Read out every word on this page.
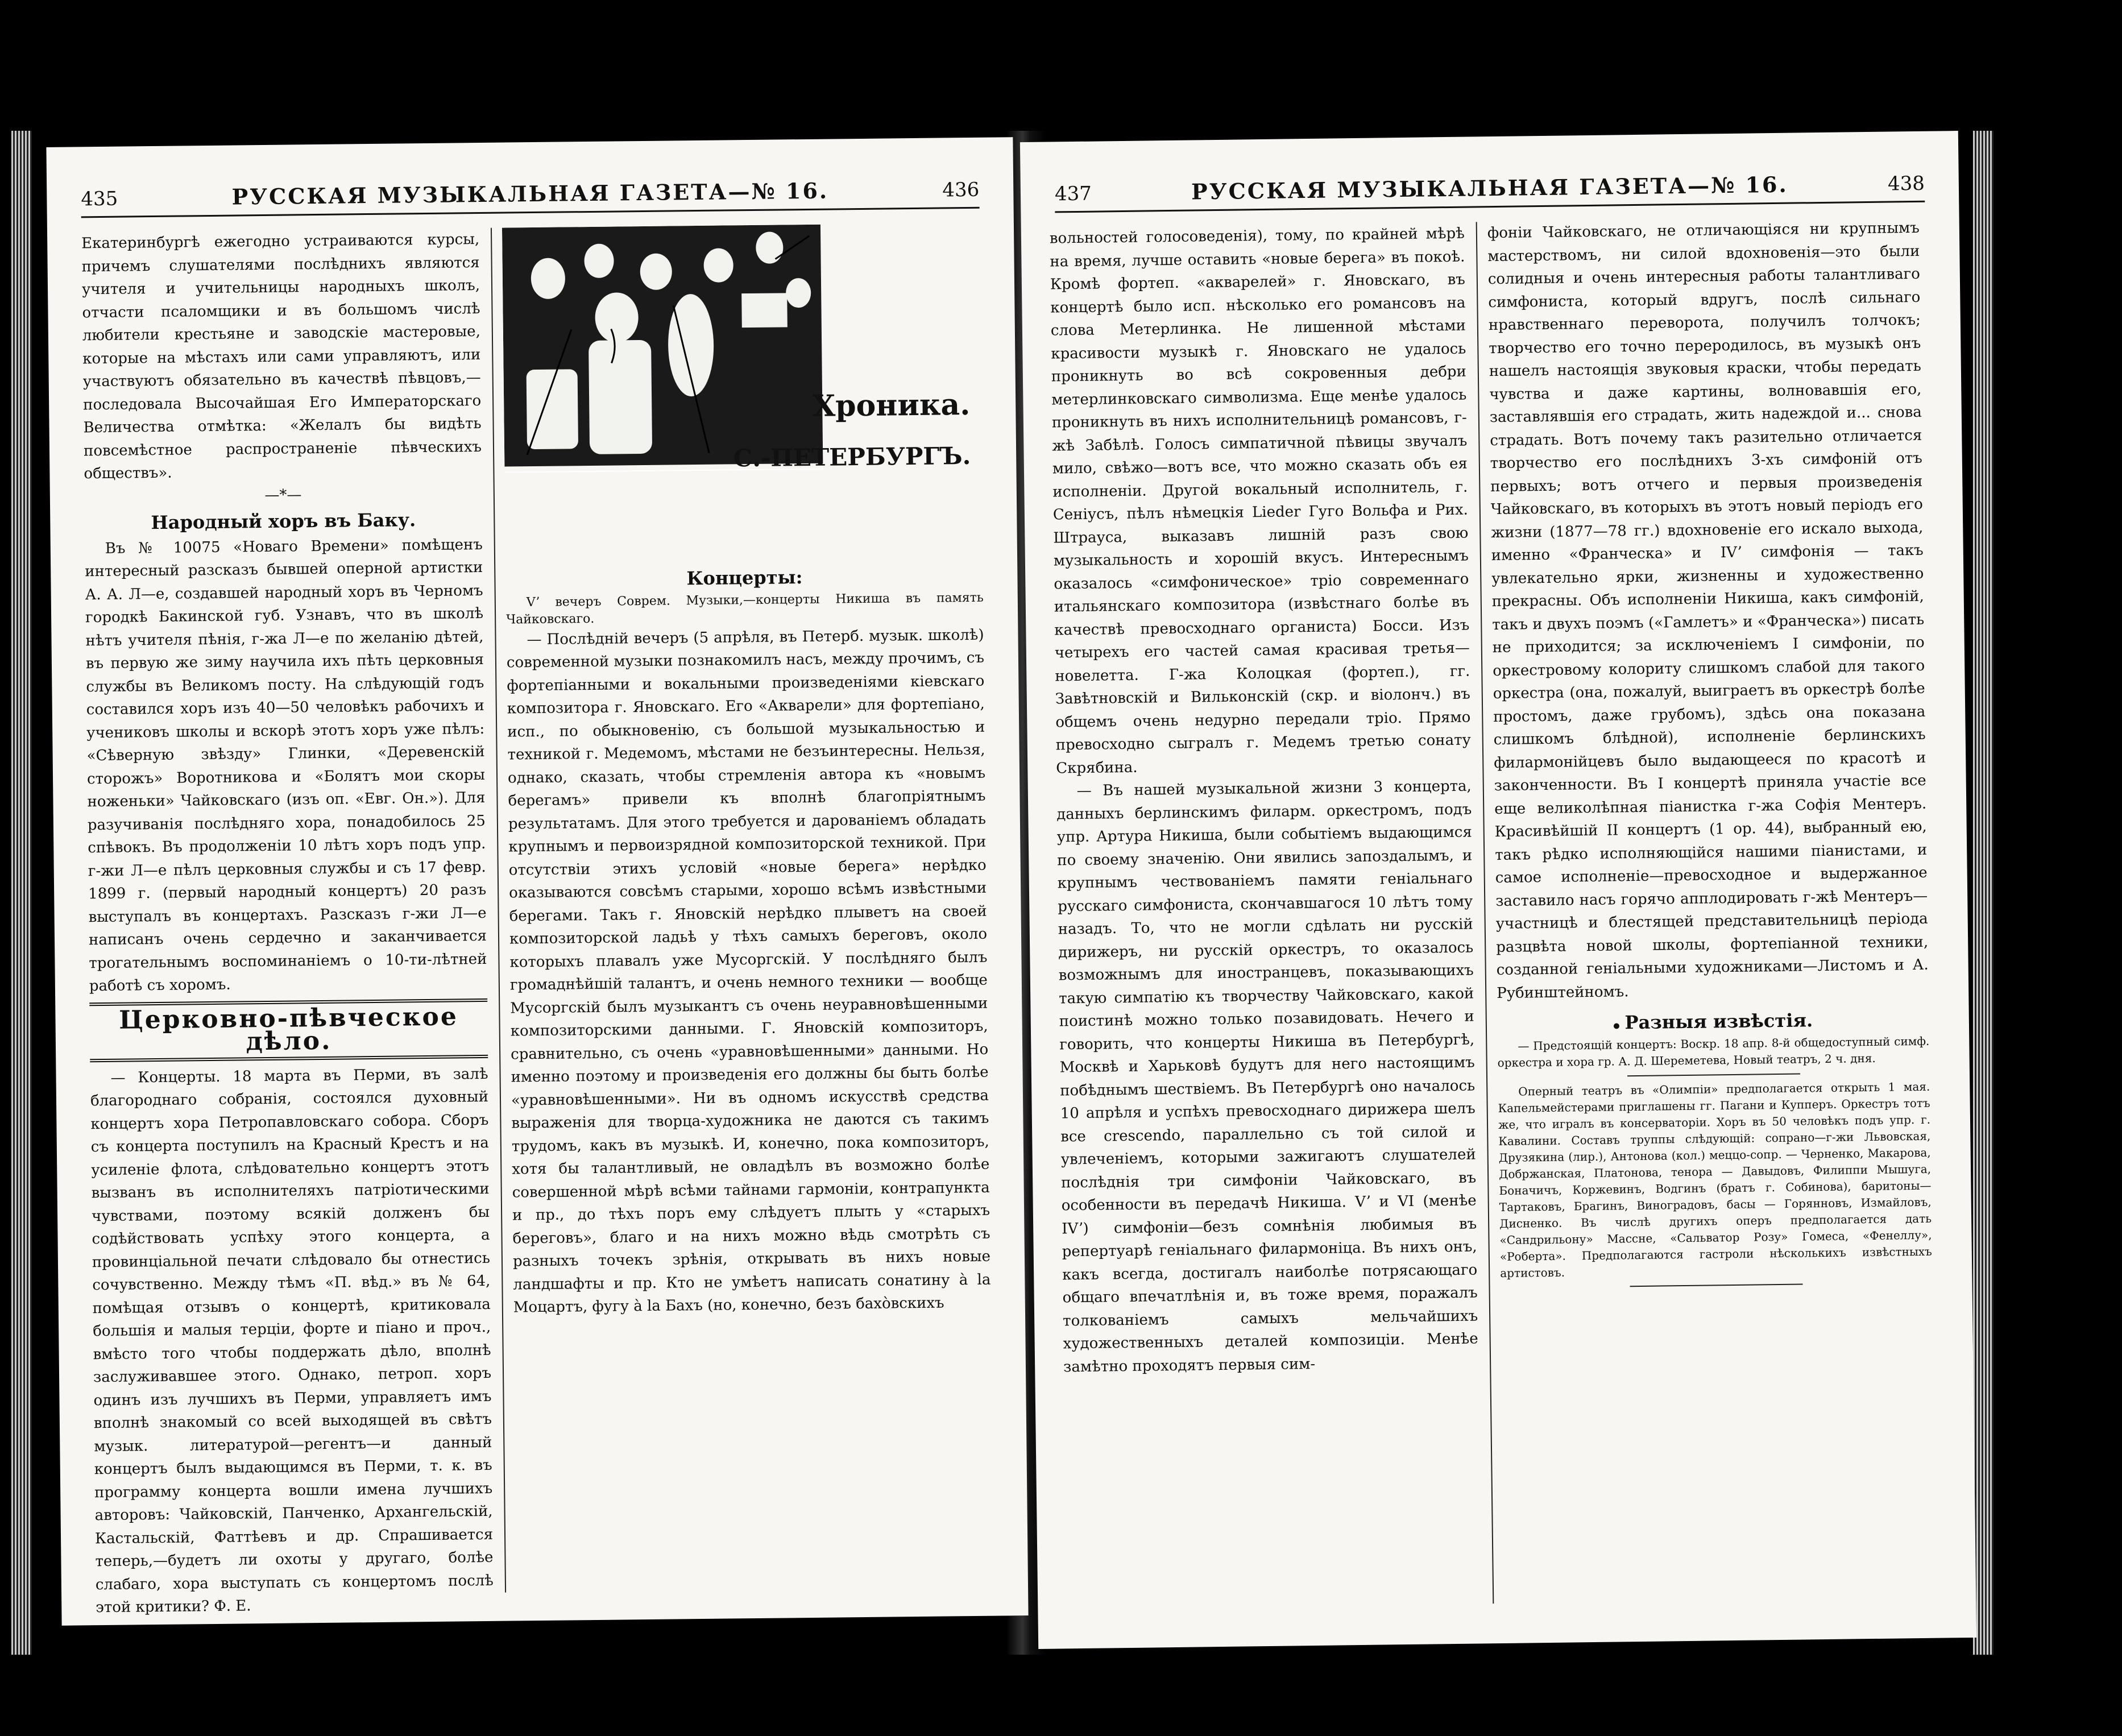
435	РУССКАЯ МУЗЫКАЛЬНАЯ ГАЗЕТА—№ 16.	436

Екатеринбургѣ ежегодно устраиваются курсы, причемъ слушателями послѣднихъ являются учителя и учительницы народныхъ школъ, отчасти псаломщики и въ большомъ числѣ любители крестьяне и заводскіе мастеровые, которые на мѣстахъ или сами управляютъ, или участвуютъ обязательно въ качествѣ пѣвцовъ,—последовала Высочайшая Его Императорскаго Величества отмѣтка: «Желалъ бы видѣть повсемѣстное распространеніе пѣвческихъ обществъ».

—*—
Народный хоръ въ Баку.

Въ № 10075 «Новаго Времени» помѣщенъ интересный разсказъ бывшей оперной артистки А. А. Л—е, создавшей народный хоръ въ Черномъ городкѣ Бакинской губ. Узнавъ, что въ школѣ нѣтъ учителя пѣнія, г-жа Л—е по желанію дѣтей, въ первую же зиму научила ихъ пѣть церковныя службы въ Великомъ посту. На слѣдующій годъ составился хоръ изъ 40—50 человѣкъ рабочихъ и учениковъ школы и вскорѣ этотъ хоръ уже пѣлъ: «Сѣверную звѣзду» Глинки, «Деревенскій сторожъ» Воротникова и «Болятъ мои скоры ноженьки» Чайковскаго (изъ оп. «Евг. Он.»). Для разучиванія послѣдняго хора, понадобилось 25 спѣвокъ. Въ продолженіи 10 лѣтъ хоръ подъ упр. г-жи Л—е пѣлъ церковныя службы и съ 17 февр. 1899 г. (первый народный концертъ) 20 разъ выступалъ въ концертахъ. Разсказъ г-жи Л—е написанъ очень сердечно и заканчивается трогательнымъ воспоминаніемъ о 10-ти-лѣтней работѣ съ хоромъ.

Церковно-пѣвческое дѣло.

— Концерты. 18 марта въ Перми, въ залѣ благороднаго собранія, состоялся духовный концертъ хора Петропавловскаго собора. Сборъ съ концерта поступилъ на Красный Крестъ и на усиленіе флота, слѣдовательно концертъ этотъ вызванъ въ исполнителяхъ патріотическими чувствами, поэтому всякій долженъ бы содѣйствовать успѣху этого концерта, а провинціальной печати слѣдовало бы отнестись сочувственно. Между тѣмъ «П. вѣд.» въ № 64, помѣщая отзывъ о концертѣ, критиковала большія и малыя терціи, форте и піано и проч., вмѣсто того чтобы поддержать дѣло, вполнѣ заслуживавшее этого. Однако, петроп. хоръ одинъ изъ лучшихъ въ Перми, управляетъ имъ вполнѣ знакомый со всей выходящей въ свѣтъ музык. литературой—регентъ—и данный концертъ былъ выдающимся въ Перми, т. к. въ программу концерта вошли имена лучшихъ авторовъ: Чайковскій, Панченко, Архангельскій, Кастальскій, Фаттѣевъ и др. Спрашивается теперь,—будетъ ли охоты у другаго, болѣе слабаго, хора выступать съ концертомъ послѣ этой критики? Ф. Е.

Хроника.
С.-ПЕТЕРБУРГЪ.
Концерты:

Vʼ вечеръ Соврем. Музыки,—концерты Никиша въ память Чайковскаго.

— Послѣдній вечеръ (5 апрѣля, въ Петерб. музык. школѣ) современной музыки познакомилъ насъ, между прочимъ, съ фортепіанными и вокальными произведеніями кіевскаго композитора г. Яновскаго. Его «Акварели» для фортепіано, исп., по обыкновенію, съ большой музыкальностью и техникой г. Медемомъ, мѣстами не безъинтересны. Нельзя, однако, сказать, чтобы стремленія автора къ «новымъ берегамъ» привели къ вполнѣ благопріятнымъ результатамъ. Для этого требуется и дарованіемъ обладать крупнымъ и первоизрядной композиторской техникой. При отсутствіи этихъ условій «новые берега» нерѣдко оказываются совсѣмъ старыми, хорошо всѣмъ извѣстными берегами. Такъ г. Яновскій нерѣдко плыветъ на своей композиторской ладьѣ у тѣхъ самыхъ береговъ, около которыхъ плавалъ уже Мусоргскій. У послѣдняго былъ громаднѣйшій талантъ, и очень немного техники — вообще Мусоргскій былъ музыкантъ съ очень неуравновѣшенными композиторскими данными. Г. Яновскій композиторъ, сравнительно, съ очень «уравновѣшенными» данными. Но именно поэтому и произведенія его должны бы быть болѣе «уравновѣшенными». Ни въ одномъ искусствѣ средства выраженія для творца-художника не даются съ такимъ трудомъ, какъ въ музыкѣ. И, конечно, пока композиторъ, хотя бы талантливый, не овладѣлъ въ возможно болѣе совершенной мѣрѣ всѣми тайнами гармоніи, контрапункта и пр., до тѣхъ поръ ему слѣдуетъ плыть у «старыхъ береговъ», благо и на нихъ можно вѣдь смотрѣть съ разныхъ точекъ зрѣнія, открывать въ нихъ новые ландшафты и пр. Кто не умѣетъ написать сонатину à la Моцартъ, фугу à la Бахъ (но, конечно, безъ бахо̀вскихъ

437	РУССКАЯ МУЗЫКАЛЬНАЯ ГАЗЕТА—№ 16.	438

вольностей голосоведенія), тому, по крайней мѣрѣ на время, лучше оставить «новые берега» въ покоѣ. Кромѣ фортеп. «акварелей» г. Яновскаго, въ концертѣ было исп. нѣсколько его романсовъ на слова Метерлинка. Не лишенной мѣстами красивости музыкѣ г. Яновскаго не удалось проникнуть во всѣ сокровенныя дебри метерлинковскаго символизма. Еще менѣе удалось проникнуть въ нихъ исполнительницѣ романсовъ, г-жѣ Забѣлѣ. Голосъ симпатичной пѣвицы звучалъ мило, свѣжо—вотъ все, что можно сказать объ ея исполненіи. Другой вокальный исполнитель, г. Сеніусъ, пѣлъ нѣмецкія Lieder Гуго Вольфа и Рих. Штрауса, выказавъ лишній разъ свою музыкальность и хорошій вкусъ. Интереснымъ оказалось «симфоническое» тріо современнаго итальянскаго композитора (извѣстнаго болѣе въ качествѣ превосходнаго органиста) Босси. Изъ четырехъ его частей самая красивая третья—новелетта. Г-жа Колоцкая (фортеп.), гг. Завѣтновскій и Вильконскій (скр. и віолонч.) въ общемъ очень недурно передали тріо. Прямо превосходно сыгралъ г. Медемъ третью сонату Скрябина.

— Въ нашей музыкальной жизни 3 концерта, данныхъ берлинскимъ филарм. оркестромъ, подъ упр. Артура Никиша, были событіемъ выдающимся по своему значенію. Они явились запоздалымъ, и крупнымъ чествованіемъ памяти геніальнаго русскаго симфониста, скончавшагося 10 лѣтъ тому назадъ. То, что не могли сдѣлать ни русскій дирижеръ, ни русскій оркестръ, то оказалось возможнымъ для иностранцевъ, показывающихъ такую симпатію къ творчеству Чайковскаго, какой поистинѣ можно только позавидовать. Нечего и говорить, что концерты Никиша въ Петербургѣ, Москвѣ и Харьковѣ будутъ для него настоящимъ побѣднымъ шествіемъ. Въ Петербургѣ оно началось 10 апрѣля и успѣхъ превосходнаго дирижера шелъ все crescendo, параллельно съ той силой и увлеченіемъ, которыми зажигаютъ слушателей послѣднія три симфоніи Чайковскаго, въ особенности въ передачѣ Никиша. Vʼ и VI (менѣе IVʼ) симфоніи—безъ сомнѣнія любимыя въ репертуарѣ геніальнаго филармоніца. Въ нихъ онъ, какъ всегда, достигалъ наиболѣе потрясающаго общаго впечатлѣнія и, въ тоже время, поражалъ толкованіемъ самыхъ мельчайшихъ художественныхъ деталей композиціи. Менѣе замѣтно проходятъ первыя сим-

фоніи Чайковскаго, не отличающіяся ни крупнымъ мастерствомъ, ни силой вдохновенія—это были солидныя и очень интересныя работы талантливаго симфониста, который вдругъ, послѣ сильнаго нравственнаго переворота, получилъ толчокъ; творчество его точно переродилось, въ музыкѣ онъ нашелъ настоящія звуковыя краски, чтобы передать чувства и даже картины, волновавшія его, заставлявшія его страдать, жить надеждой и... снова страдать. Вотъ почему такъ разительно отличается творчество его послѣднихъ 3-хъ симфоній отъ первыхъ; вотъ отчего и первыя произведенія Чайковскаго, въ которыхъ въ этотъ новый періодъ его жизни (1877—78 гг.) вдохновеніе его искало выхода, именно «Франческа» и IVʼ симфонія — такъ увлекательно ярки, жизненны и художественно прекрасны. Объ исполненіи Никиша, какъ симфоній, такъ и двухъ поэмъ («Гамлетъ» и «Франческа») писать не приходится; за исключеніемъ I симфоніи, по оркестровому колориту слишкомъ слабой для такого оркестра (она, пожалуй, выиграетъ въ оркестрѣ болѣе простомъ, даже грубомъ), здѣсь она показана слишкомъ блѣдной), исполненіе берлинскихъ филармонійцевъ было выдающееся по красотѣ и законченности. Въ I концертѣ приняла участіе все еще великолѣпная піанистка г-жа Софія Ментеръ. Красивѣйшій II концертъ (1 ор. 44), выбранный ею, такъ рѣдко исполняющійся нашими піанистами, и самое исполненіе—превосходное и выдержанное заставило насъ горячо апплодировать г-жѣ Ментеръ—участницѣ и блестящей представительницѣ періода разцвѣта новой школы, фортепіанной техники, созданной геніальными художниками—Листомъ и А. Рубинштейномъ.

Разныя извѣстія.

— Предстоящій концертъ: Воскр. 18 апр. 8-й общедоступный симф. оркестра и хора гр. А. Д. Шереметева, Новый театръ, 2 ч. дня.

Оперный театръ въ «Олимпіи» предполагается открыть 1 мая. Капельмейстерами приглашены гг. Пагани и Купперъ. Оркестръ тотъ же, что игралъ въ консерваторіи. Хоръ въ 50 человѣкъ подъ упр. г. Кавалини. Составъ труппы слѣдующій: сопрано—г-жи Львовская, Друзякина (лир.), Антонова (кол.) меццо-сопр. — Черненко, Макарова, Добржанская, Платонова, тенора — Давыдовъ, Филиппи Мышуга, Боначичъ, Коржевинъ, Водгинъ (братъ г. Собинова), баритоны—Тартаковъ, Брагинъ, Виноградовъ, басы — Горянновъ, Измайловъ, Дисненко. Въ числѣ другихъ оперъ предполагается дать «Сандрильону» Массне, «Сальватор Розу» Гомеса, «Фенеллу», «Роберта». Предполагаются гастроли нѣсколькихъ извѣстныхъ артистовъ.
